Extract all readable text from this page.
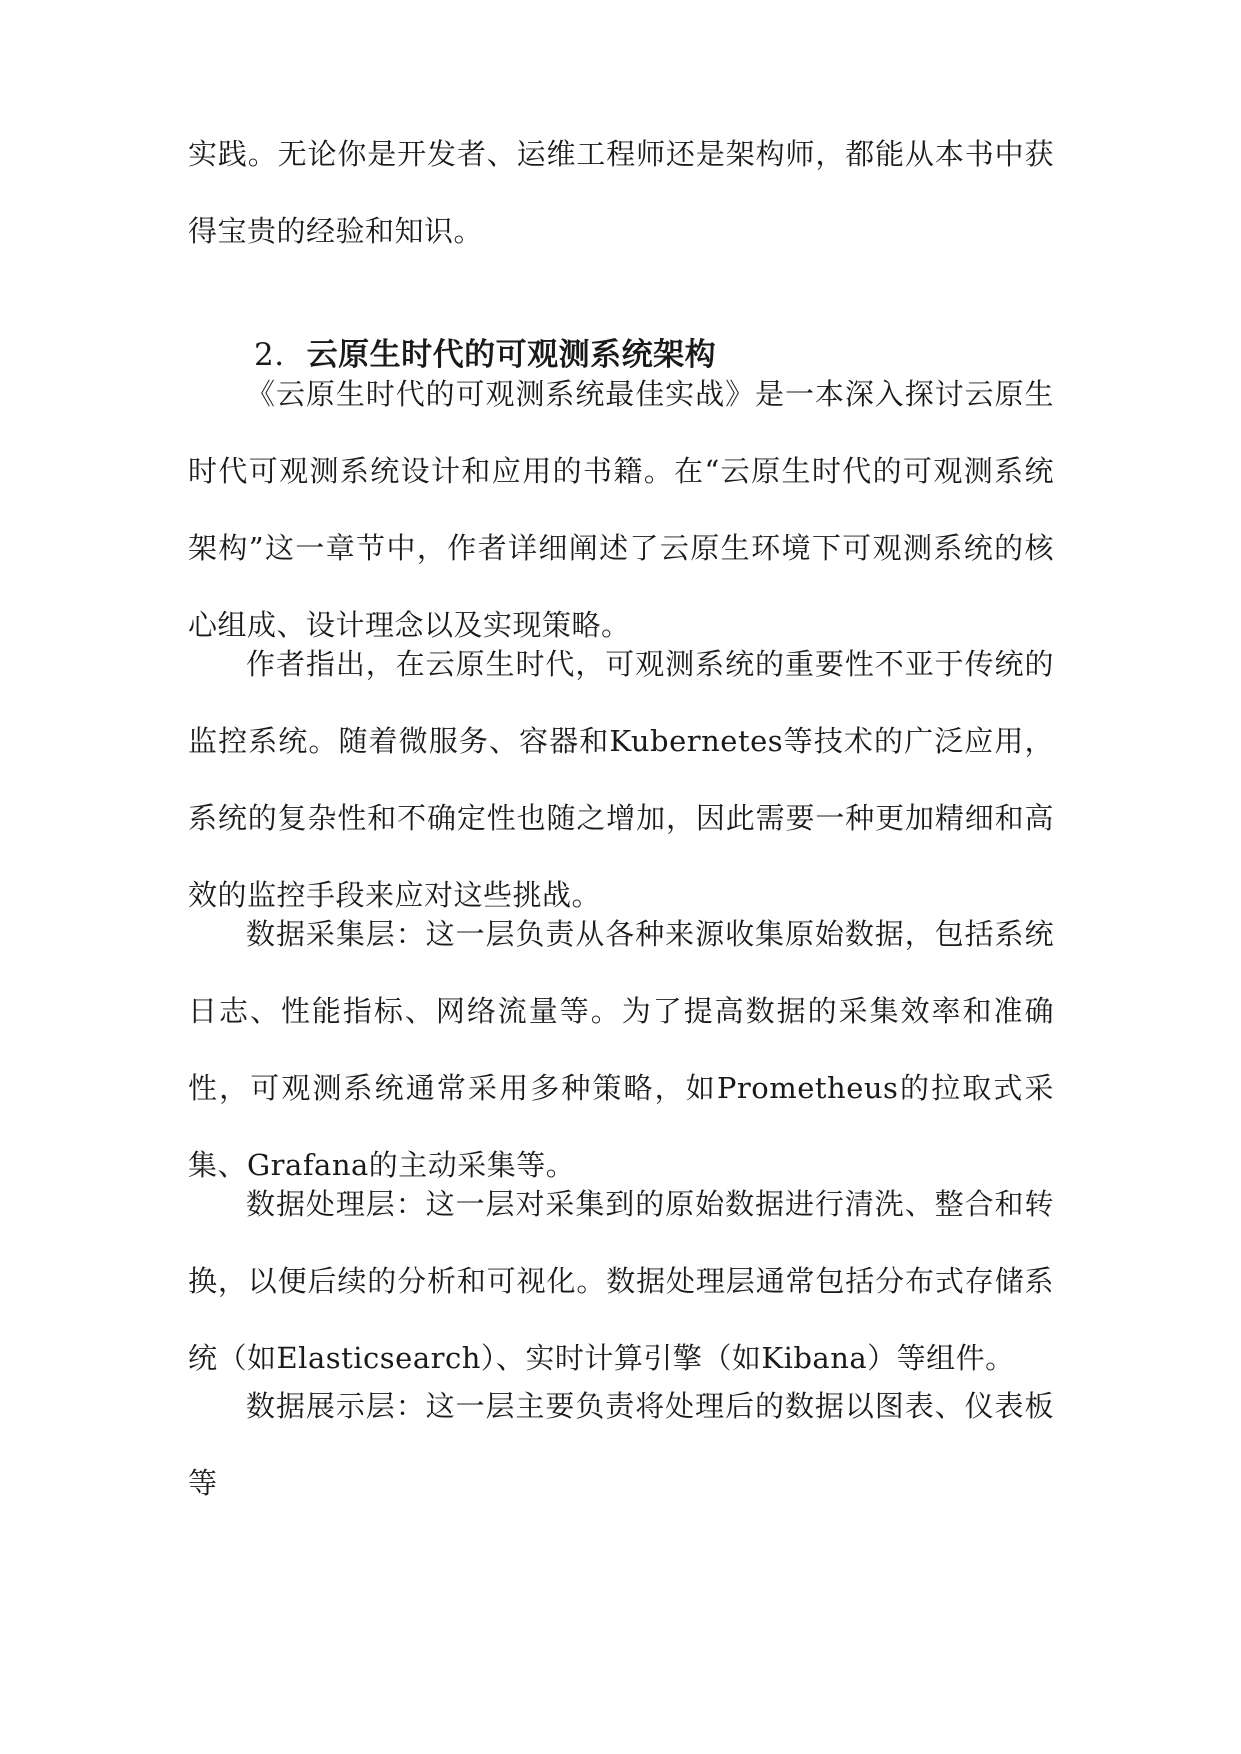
实践。无论你是开发者、运维工程师还是架构师，都能从本书中获得宝贵的经验和知识。

2. 云原生时代的可观测系统架构

《云原生时代的可观测系统最佳实战》是一本深入探讨云原生时代可观测系统设计和应用的书籍。在“云原生时代的可观测系统架构”这一章节中，作者详细阐述了云原生环境下可观测系统的核心组成、设计理念以及实现策略。

作者指出，在云原生时代，可观测系统的重要性不亚于传统的监控系统。随着微服务、容器和Kubernetes等技术的广泛应用，系统的复杂性和不确定性也随之增加，因此需要一种更加精细和高效的监控手段来应对这些挑战。

数据采集层：这一层负责从各种来源收集原始数据，包括系统日志、性能指标、网络流量等。为了提高数据的采集效率和准确性，可观测系统通常采用多种策略，如Prometheus的拉取式采集、Grafana的主动采集等。

数据处理层：这一层对采集到的原始数据进行清洗、整合和转换，以便后续的分析和可视化。数据处理层通常包括分布式存储系统（如Elasticsearch）、实时计算引擎（如Kibana）等组件。

数据展示层：这一层主要负责将处理后的数据以图表、仪表板等
